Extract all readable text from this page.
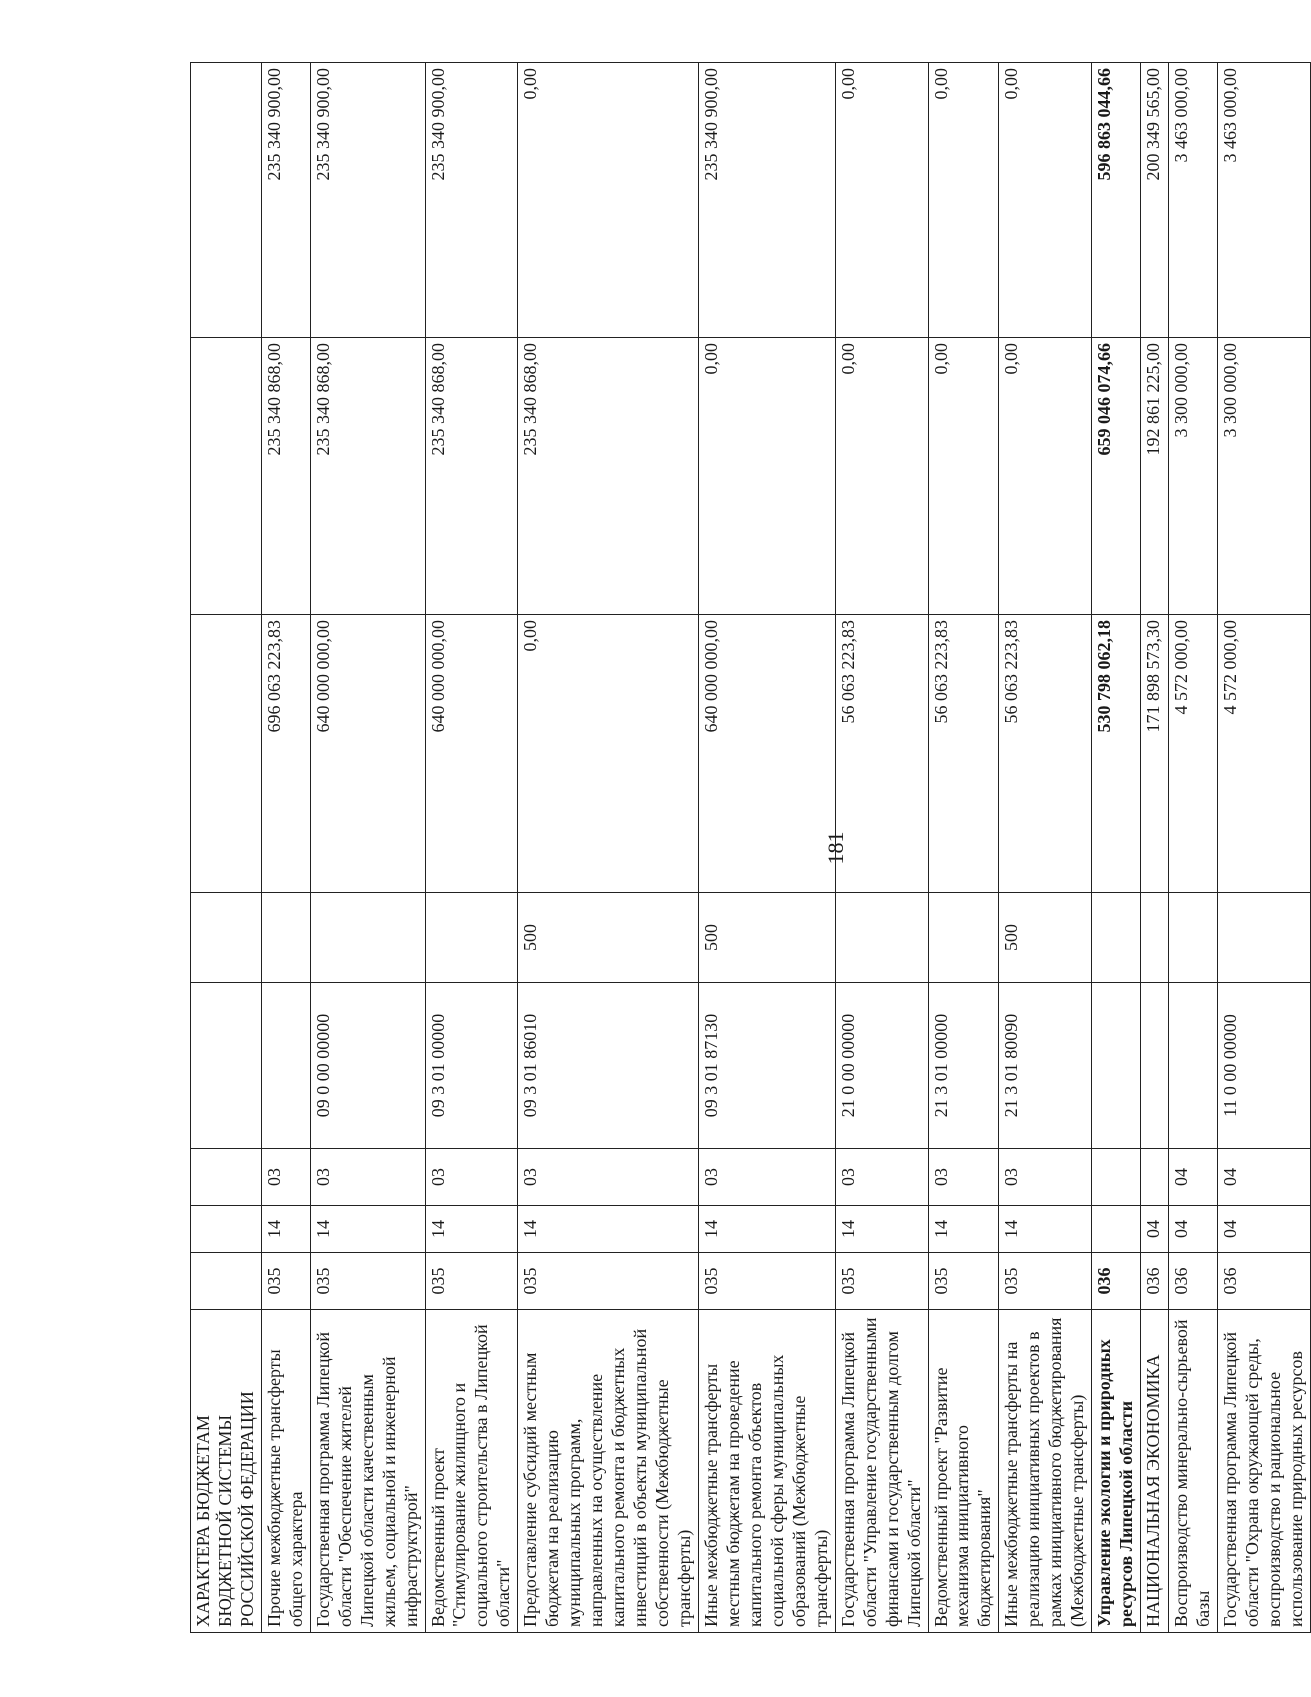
181
ХАРАКТЕРА БЮДЖЕТАМ БЮДЖЕТНОЙ СИСТЕМЫ РОССИЙСКОЙ ФЕДЕРАЦИИ								
Прочие межбюджетные трансферты общего характера	035	14	03			696 063 223,83	235 340 868,00	235 340 900,00
Государственная программа Липецкой области "Обеспечение жителей Липецкой области качественным жильем, социальной и инженерной инфраструктурой"	035	14	03	09 0 00 00000		640 000 000,00	235 340 868,00	235 340 900,00
Ведомственный проект "Стимулирование жилищного и социального строительства в Липецкой области"	035	14	03	09 3 01 00000		640 000 000,00	235 340 868,00	235 340 900,00
Предоставление субсидий местным бюджетам на реализацию муниципальных программ, направленных на осуществление капитального ремонта и бюджетных инвестиций в объекты муниципальной собственности (Межбюджетные трансферты)	035	14	03	09 3 01 86010	500	0,00	235 340 868,00	0,00
Иные межбюджетные трансферты местным бюджетам на проведение капитального ремонта объектов социальной сферы муниципальных образований (Межбюджетные трансферты)	035	14	03	09 3 01 87130	500	640 000 000,00	0,00	235 340 900,00
Государственная программа Липецкой области "Управление государственными финансами и государственным долгом Липецкой области"	035	14	03	21 0 00 00000		56 063 223,83	0,00	0,00
Ведомственный проект "Развитие механизма инициативного бюджетирования"	035	14	03	21 3 01 00000		56 063 223,83	0,00	0,00
Иные межбюджетные трансферты на реализацию инициативных проектов в рамках инициативного бюджетирования (Межбюджетные трансферты)	035	14	03	21 3 01 80090	500	56 063 223,83	0,00	0,00
Управление экологии и природных ресурсов Липецкой области	036					530 798 062,18	659 046 074,66	596 863 044,66
НАЦИОНАЛЬНАЯ ЭКОНОМИКА	036	04				171 898 573,30	192 861 225,00	200 349 565,00
Воспроизводство минерально-сырьевой базы	036	04	04			4 572 000,00	3 300 000,00	3 463 000,00
Государственная программа Липецкой области "Охрана окружающей среды, воспроизводство и рациональное использование природных ресурсов	036	04	04	11 0 00 00000		4 572 000,00	3 300 000,00	3 463 000,00
